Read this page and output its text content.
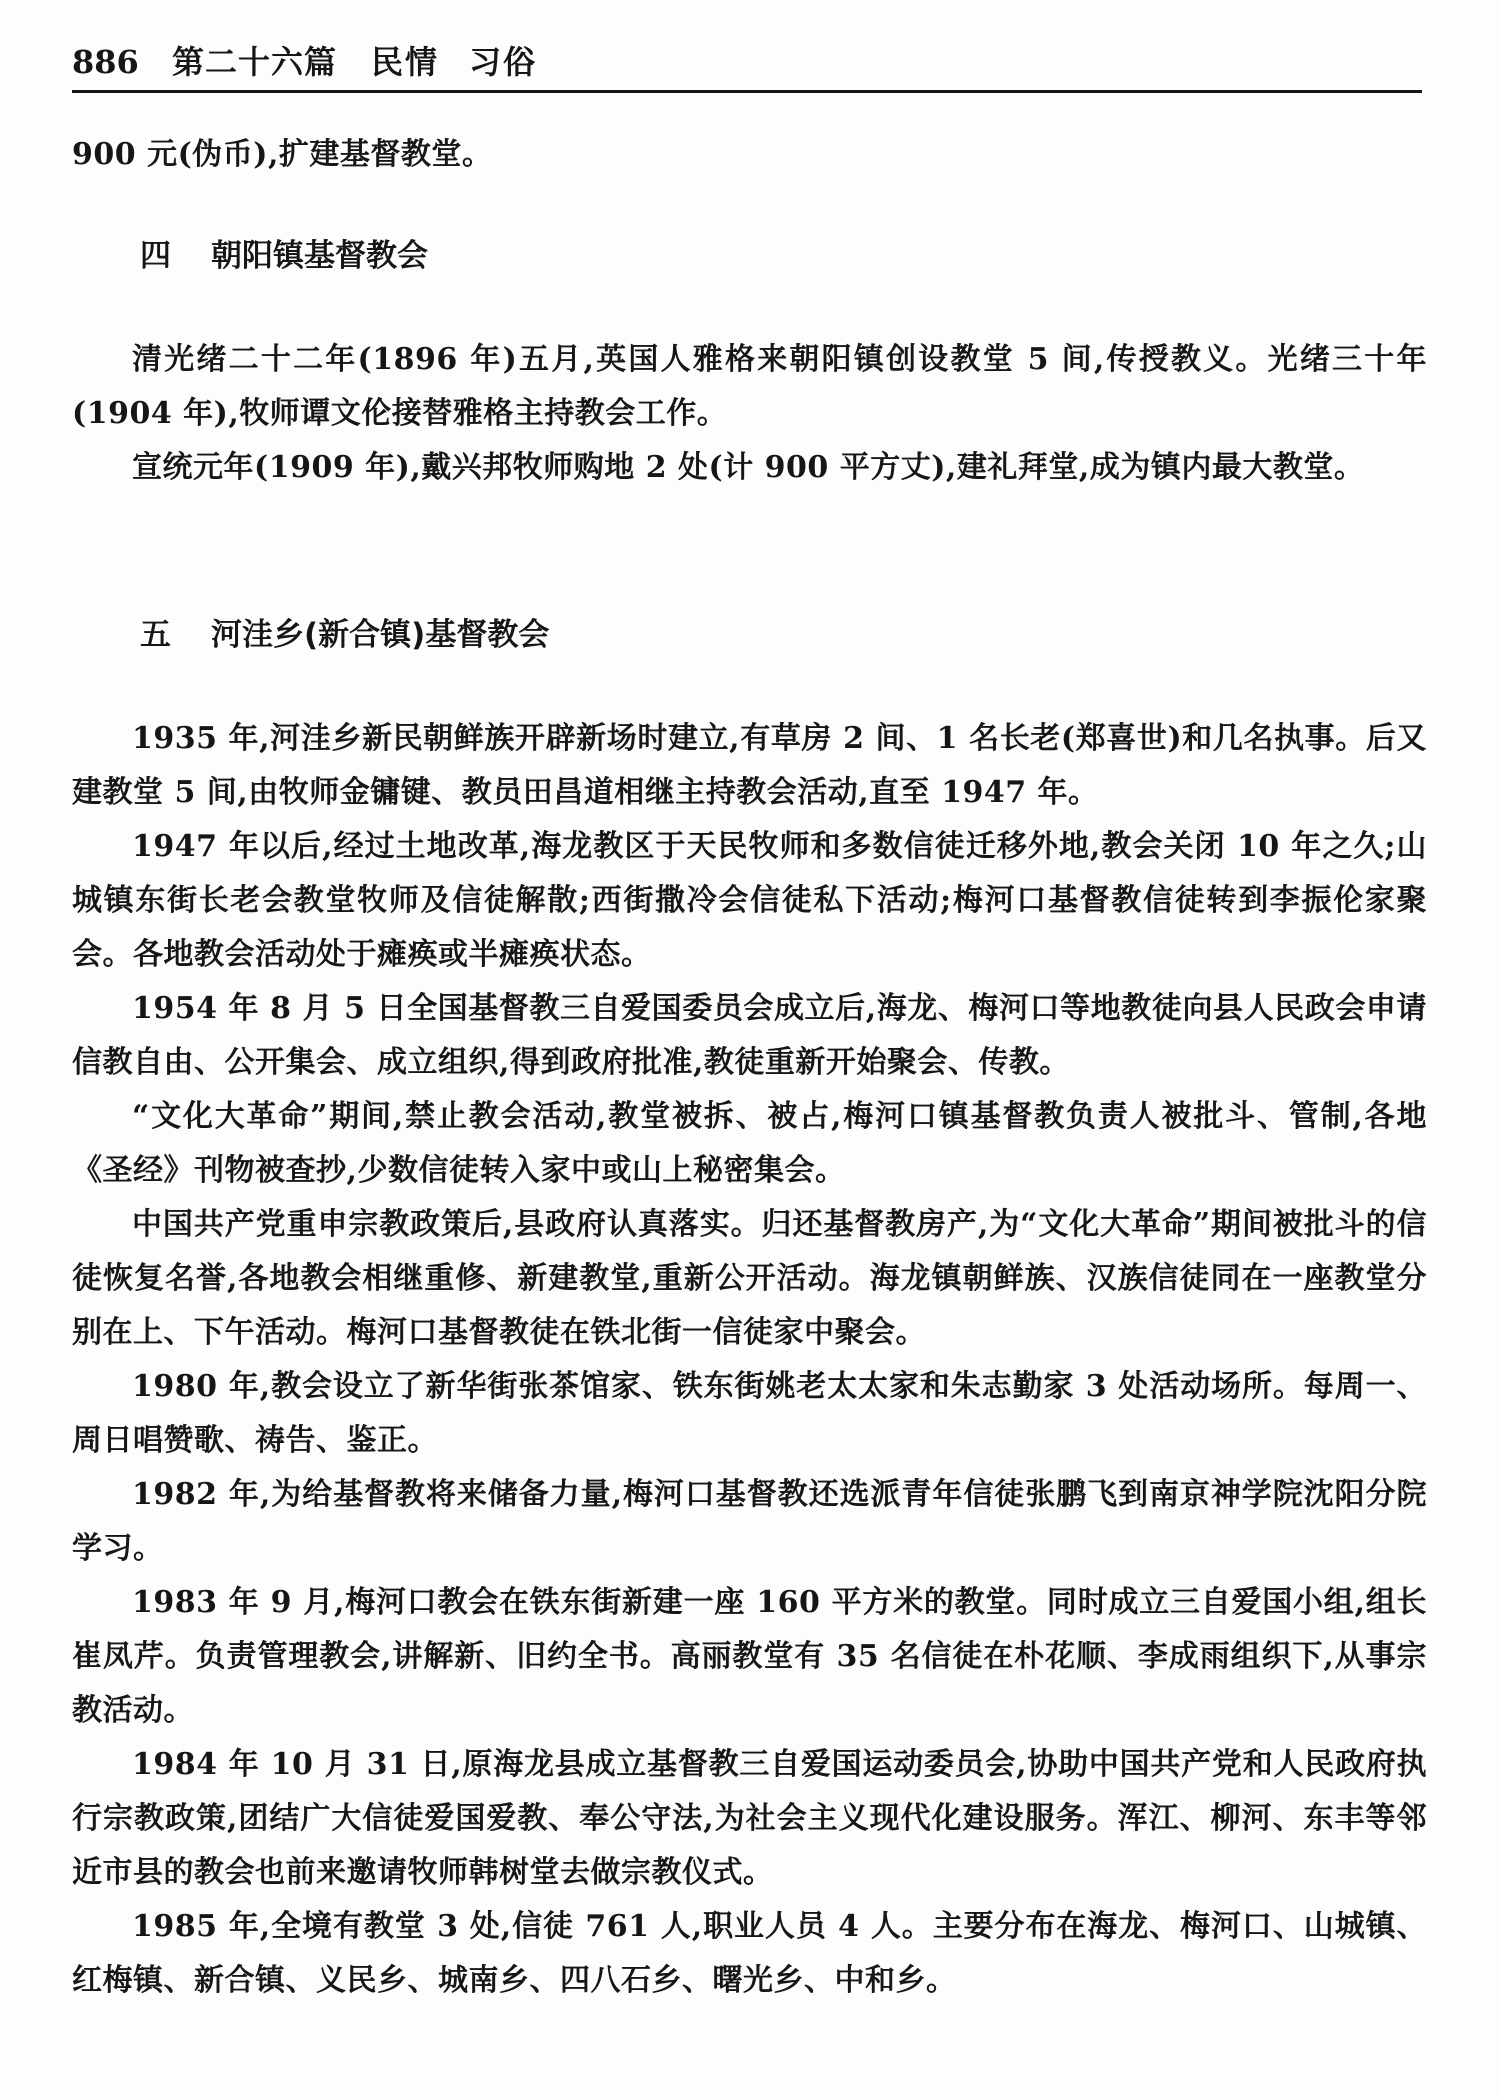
886 第二十六篇 民情 习俗

900 元(伪币),扩建基督教堂。

四 朝阳镇基督教会

清光绪二十二年(1896 年)五月,英国人雅格来朝阳镇创设教堂 5 间,传授教义。光绪三十年(1904 年),牧师谭文伦接替雅格主持教会工作。

宣统元年(1909 年),戴兴邦牧师购地 2 处(计 900 平方丈),建礼拜堂,成为镇内最大教堂。

五 河洼乡(新合镇)基督教会

1935 年,河洼乡新民朝鲜族开辟新场时建立,有草房 2 间、1 名长老(郑喜世)和几名执事。后又建教堂 5 间,由牧师金镛键、教员田昌道相继主持教会活动,直至 1947 年。

1947 年以后,经过土地改革,海龙教区于天民牧师和多数信徒迁移外地,教会关闭 10 年之久;山城镇东街长老会教堂牧师及信徒解散;西街撒冷会信徒私下活动;梅河口基督教信徒转到李振伦家聚会。各地教会活动处于瘫痪或半瘫痪状态。

1954 年 8 月 5 日全国基督教三自爱国委员会成立后,海龙、梅河口等地教徒向县人民政会申请信教自由、公开集会、成立组织,得到政府批准,教徒重新开始聚会、传教。

“文化大革命”期间,禁止教会活动,教堂被拆、被占,梅河口镇基督教负责人被批斗、管制,各地《圣经》刊物被查抄,少数信徒转入家中或山上秘密集会。

中国共产党重申宗教政策后,县政府认真落实。归还基督教房产,为“文化大革命”期间被批斗的信徒恢复名誉,各地教会相继重修、新建教堂,重新公开活动。海龙镇朝鲜族、汉族信徒同在一座教堂分别在上、下午活动。梅河口基督教徒在铁北街一信徒家中聚会。

1980 年,教会设立了新华街张茶馆家、铁东街姚老太太家和朱志勤家 3 处活动场所。每周一、周日唱赞歌、祷告、鉴正。

1982 年,为给基督教将来储备力量,梅河口基督教还选派青年信徒张鹏飞到南京神学院沈阳分院学习。

1983 年 9 月,梅河口教会在铁东街新建一座 160 平方米的教堂。同时成立三自爱国小组,组长崔凤芹。负责管理教会,讲解新、旧约全书。高丽教堂有 35 名信徒在朴花顺、李成雨组织下,从事宗教活动。

1984 年 10 月 31 日,原海龙县成立基督教三自爱国运动委员会,协助中国共产党和人民政府执行宗教政策,团结广大信徒爱国爱教、奉公守法,为社会主义现代化建设服务。浑江、柳河、东丰等邻近市县的教会也前来邀请牧师韩树堂去做宗教仪式。

1985 年,全境有教堂 3 处,信徒 761 人,职业人员 4 人。主要分布在海龙、梅河口、山城镇、红梅镇、新合镇、义民乡、城南乡、四八石乡、曙光乡、中和乡。
